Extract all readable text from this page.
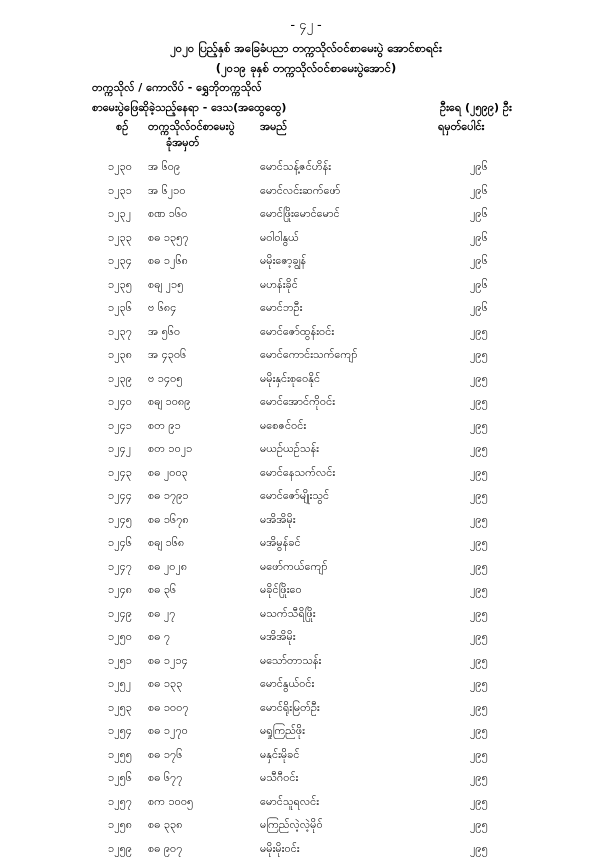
- ၄၂ -
၂၀၂၀ ပြည့်နှစ် အခြေခံပညာ တက္ကသိုလ်ဝင်စာမေးပွဲ အောင်စာရင်း
(၂၀၁၉ ခုနှစ် တက္ကသိုလ်ဝင်စာမေးပွဲအောင်)
တက္ကသိုလ် / ကောလိပ် - ရွှေဘိုတက္ကသိုလ်
စာမေးပွဲဖြေဆိုခဲ့သည့်နေရာ - ဒေသ(အ‌ထွေထွေ)	ဦးရေ (၂၅၉၉) ဦး
စဉ် တက္ကသိုလ်ဝင်စာမေးပွဲ
ခုံအမှတ်
အမည်	ရမှတ်ပေါင်း
၁၂၃၀ အ ၆၀၉	မောင်သန့်ဇင်ဟိန်း	၂၉၆
၁၂၃၁ အ ၆၂၁၀	မောင်လင်းဆက်ဖော်	၂၉၆
၁၂၃၂ စဏ ၁၆၀	မောင်ဖြိုးမောင်မောင်	၂၉၆
၁၂၃၃ စဓ ၁၃၅၇	မဝါဝါနွယ်	၂၉၆
၁၂၃၄ စဓ ၁၂၆၈	မမိုးဇော့ချွန်	၂၉၆
၁၂၃၅ စဓျ ၂၁၅	မဟန်းခိုင်	၂၉၆
၁၂၃၆ ဗ ၆၈၄	မောင်ဘဦး	၂၉၆
၁၂၃၇ အ ၅၆၀	မောင်ဇော်ထွန်းဝင်း	၂၉၅
၁၂၃၈ အ ၄၃၀၆	မောင်ကောင်းသက်ကျော်	၂၉၅
၁၂၃၉ ဗ ၁၄၀၅	မမိုးနှင်းစုဝေနိုင်	၂၉၅
၁၂၄၀ စဓျ ၁၀၈၉	မောင်အောင်ကိုဝင်း	၂၉၅
၁၂၄၁ စတ ၉၁	မစေဇင်ဝင်း	၂၉၅
၁၂၄၂ စတ ၁၀၂၁	မယဉ်ယဉ်သန်း	၂၉၅
၁၂၄၃ စဓ ၂၀၀၃	မောင်နေသက်လင်း	၂၉၅
၁၂၄၄ စဓ ၁၇၉၁	မောင်ဇော်မျိုးသွင်	၂၉၅
၁၂၄၅ စဓ ၁၆၇၈	မအိအိမိုး	၂၉၅
၁၂၄၆ စဓျ ၁၆၈	မအိမွန်ခင်	၂၉၅
၁၂၄၇ စဓ ၂၀၂၈	မဖော်ကယ်ကျော်	၂၉၅
၁၂၄၈ စဓ ၃၆	မခိုင်ဖြိုးဝေ	၂၉၅
၁၂၄၉ စဓ ၂၇	မသက်သီရိဖြိုး	၂၉၅
၁၂၅၀ စဓ ၇	မအိအိမိုး	၂၉၅
၁၂၅၁ စဓ ၁၂၁၄	မသော်တာသန်း	၂၉၅
၁၂၅၂ စဓ ၁၃၃	မောင်နွယ်ဝင်း	၂၉၅
၁၂၅၃ စဓ ၁၀၀၇	မောင်ရိုးမြတ်ဦး	၂၉၅
၁၂၅၄ စဓ ၁၂၇၀	မရှုကြည်ဖိုး	၂၉၅
၁၂၅၅ စဓ ၁၇၆	မနှင်းမိုခင်	၂၉၅
၁၂၅၆ စဓ ၆၇၇	မသီဂီဝင်း	၂၉၅
၁၂၅၇ စက ၁၀၀၅	မောင်သူရလင်း	၂၉၅
၁၂၅၈ စဓ ၃၃၈	မကြည်လဲ့လဲ့မိုဝ်	၂၉၅
၁၂၅၉ စဓ ၉၀၇	မမိုးမိုးဝင်း	၂၉၅
